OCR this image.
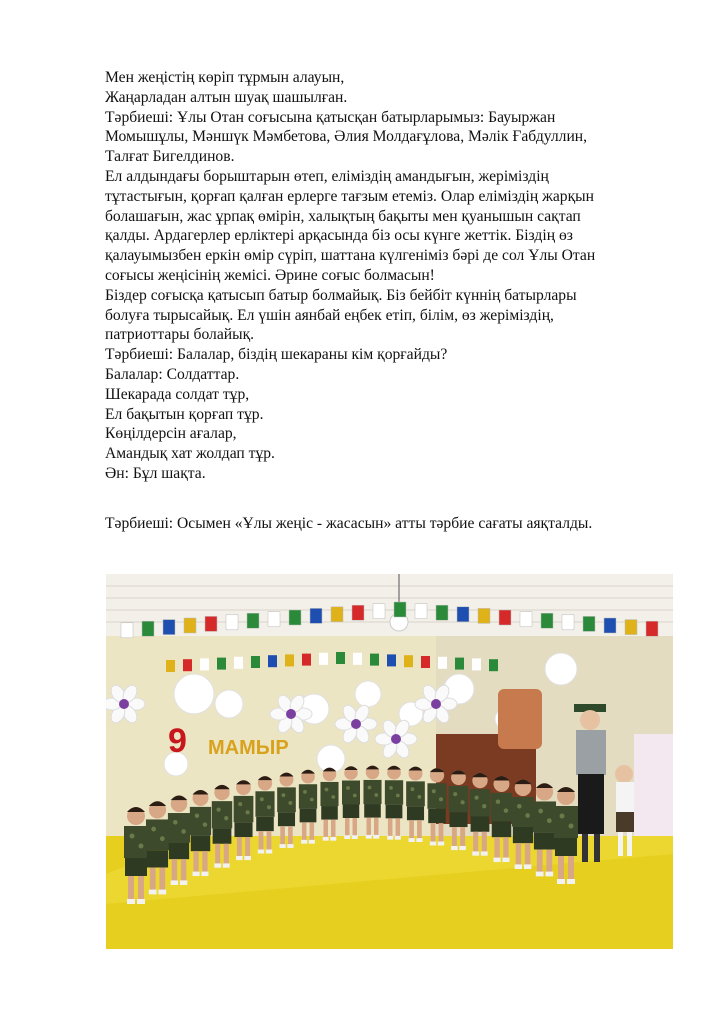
Мен жеңістің көріп тұрмын алауын,
Жаңарладан алтын шуақ шашылған.
Тәрбиеші: Ұлы Отан соғысына қатысқан батырларымыз: Бауыржан
Момышұлы, Мәншүк Мәмбетова, Әлия Молдағұлова, Мәлік Ғабдуллин,
Талғат Бигелдинов.
Ел алдындағы борыштарын өтеп, еліміздің амандығын, жеріміздің
тұтастығын, қорғап қалған ерлерге тағзым етеміз. Олар еліміздің жарқын
болашағын, жас ұрпақ өмірін, халықтың бақыты мен қуанышын сақтап
қалды. Ардагерлер ерліктері арқасында біз осы күнге жеттік. Біздің өз
қалауымызбен еркін өмір сүріп, шаттана күлгеніміз бәрі де сол Ұлы Отан
соғысы жеңісінің жемісі. Әрине соғыс болмасын!
Біздер соғысқа қатысып батыр болмайық. Біз бейбіт күннің батырлары
болуға тырысайық. Ел үшін аянбай еңбек етіп, білім, өз жеріміздің,
патриоттары болайық.
Тәрбиеші: Балалар, біздің шекараны кім қорғайды?
Балалар: Солдаттар.
Шекарада солдат тұр,
Ел бақытын қорғап тұр.
Көңілдерсін ағалар,
Амандық хат жолдап тұр.
Ән: Бұл шақта.
Тәрбиеші: Осымен «Ұлы жеңіс - жасасын» атты тәрбие сағаты аяқталды.
9 МАМЫР
